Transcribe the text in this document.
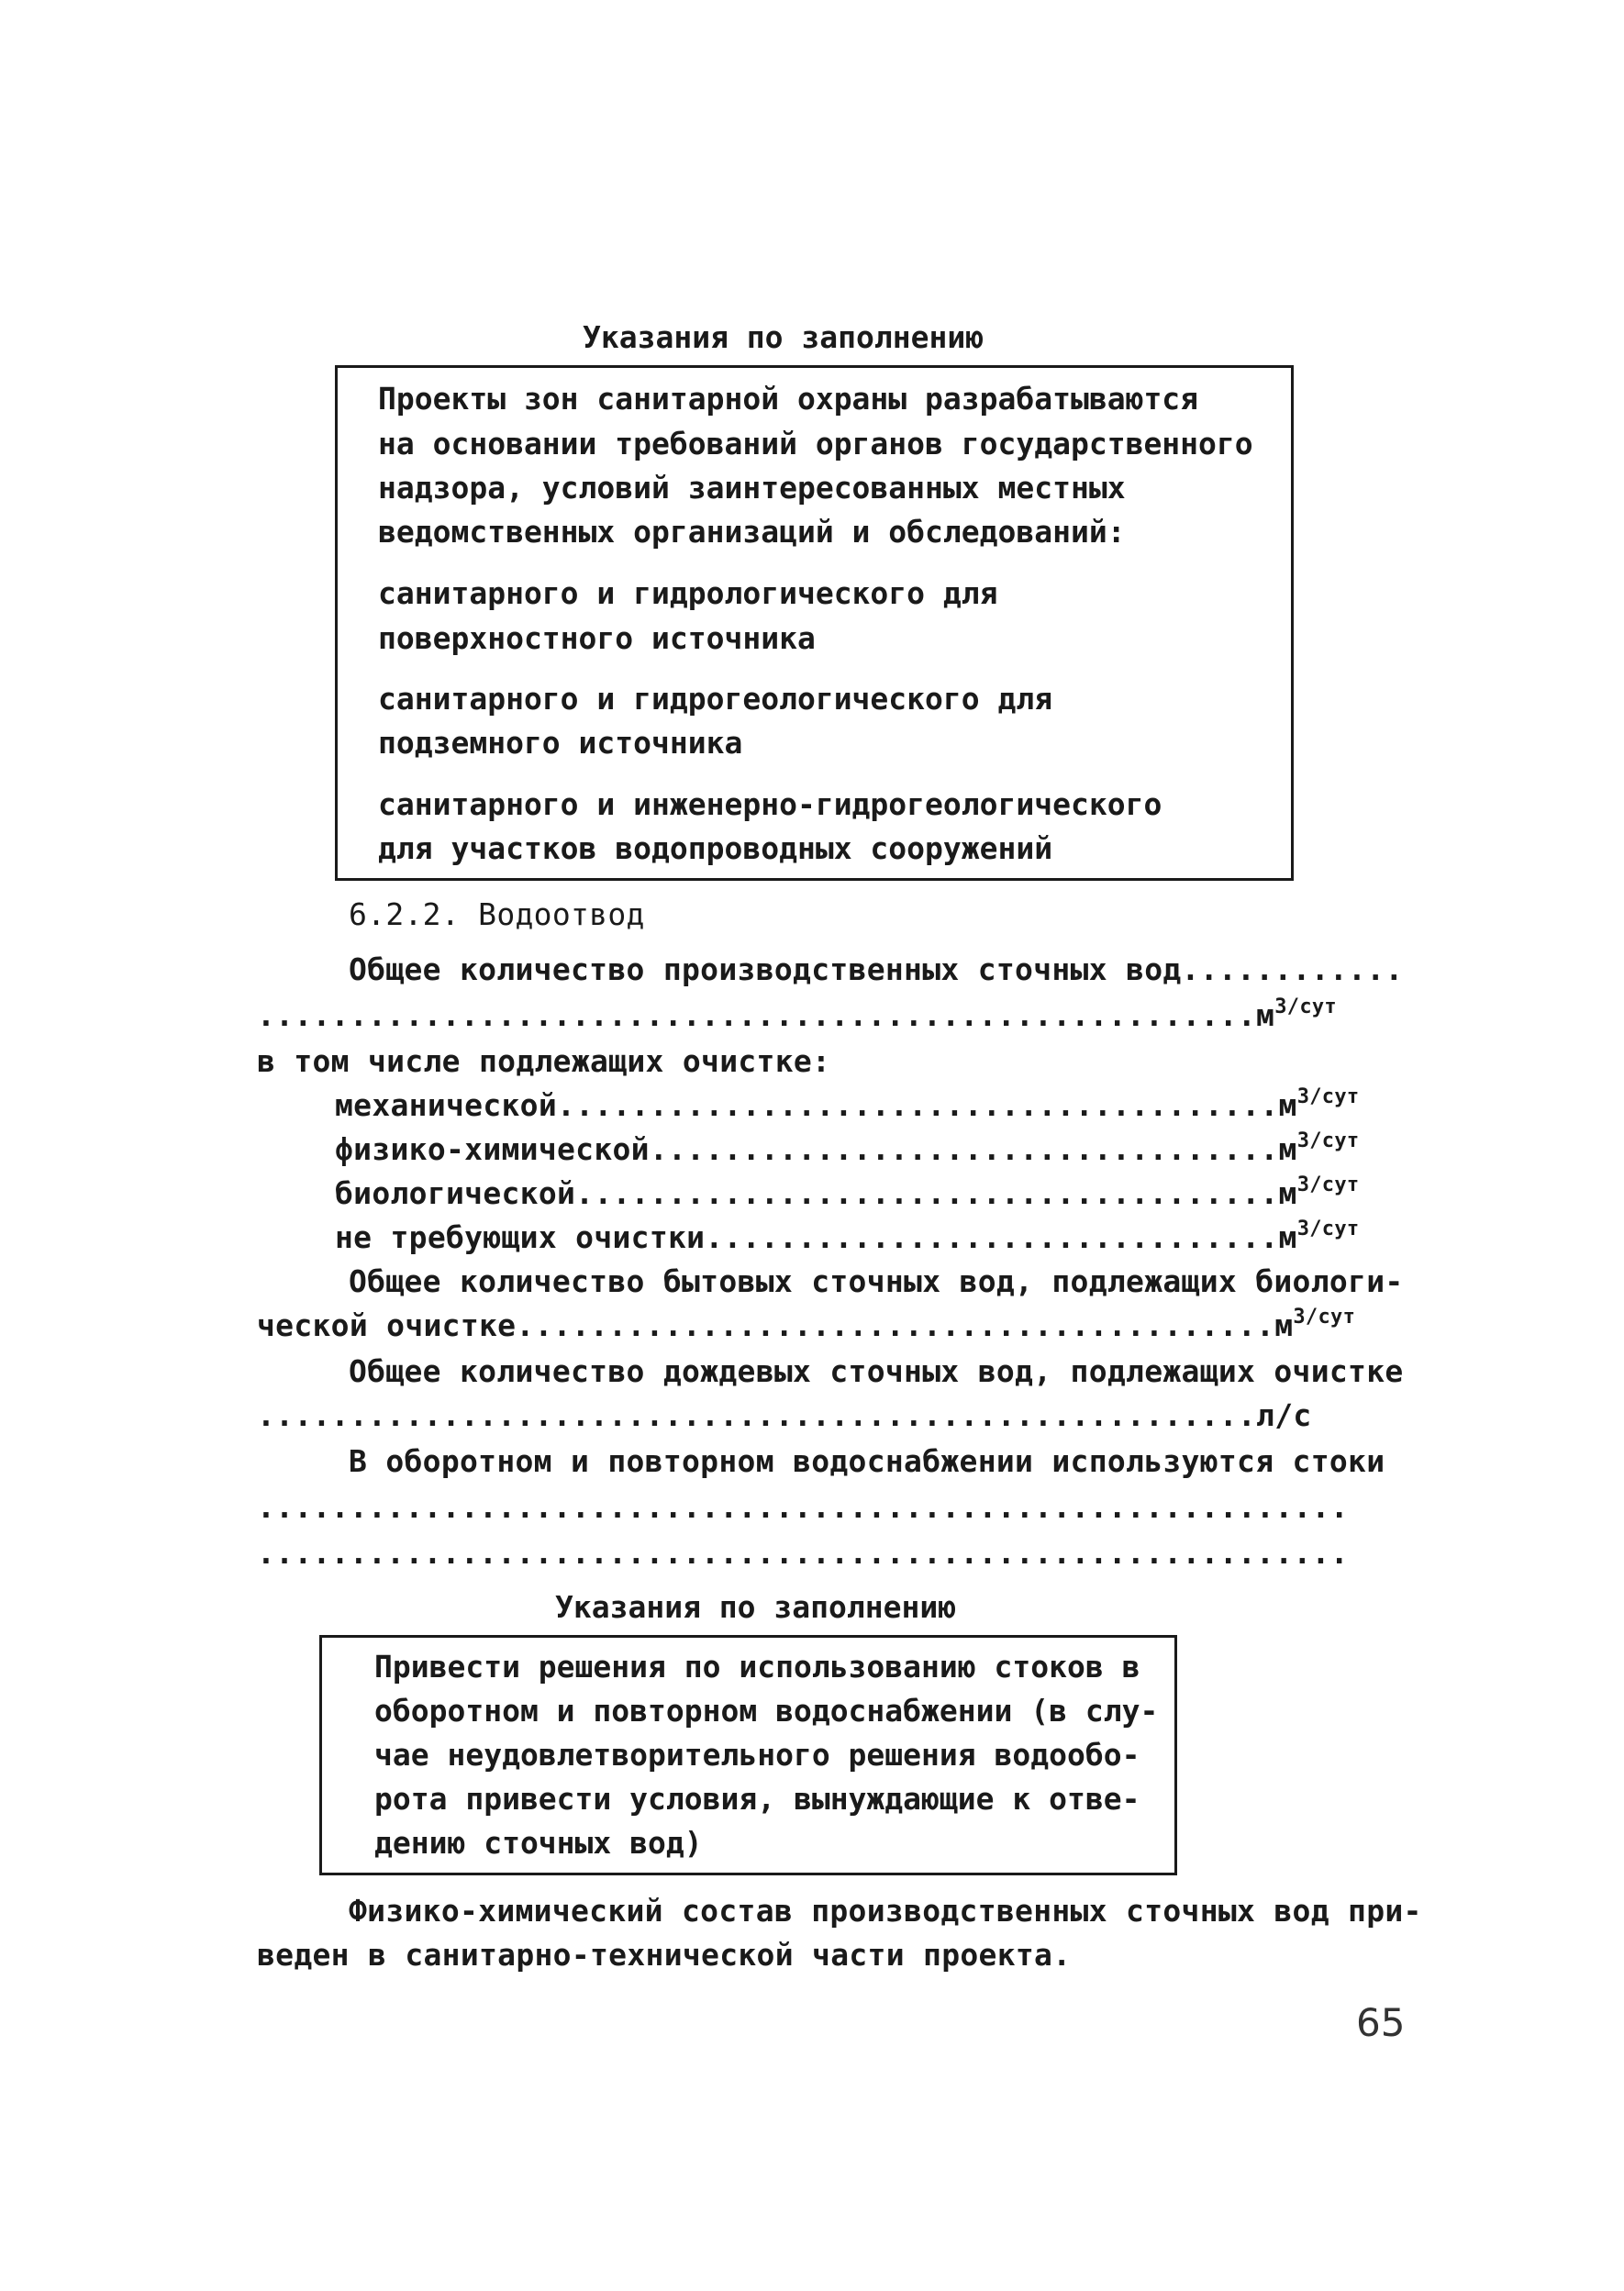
Указания по заполнению
Проекты зон санитарной охраны разрабатываются
на основании требований органов государственного
надзора, условий заинтересованных местных
ведомственных организаций и обследований:
санитарного и гидрологического для
поверхностного источника
санитарного и гидрогеологического для
подземного источника
санитарного и инженерно-гидрогеологического
для участков водопроводных сооружений
6.2.2. Водоотвод
Общее количество производственных сточных вод............
$......................................................м^{3/сут}$
в том числе подлежащих очистке:
$механической.......................................м^{3/сут}$
физико-$химической..................................м^{3/сут}$
$биологической......................................м^{3/сут}$
не требующих $очистки...............................м^{3/сут}$
Общее количество бытовых сточных вод, подлежащих биологи-
ческой $очистке.........................................м^{3/сут}$
Общее количество дождевых сточных вод, подлежащих очистке
......................................................л/с
В оборотном и повторном водоснабжении используются стоки
...........................................................
...........................................................
Указания по заполнению
Привести решения по использованию стоков в
оборотном и повторном водоснабжении (в слу-
чае неудовлетворительного решения водообо-
рота привести условия, вынуждающие к отве-
дению сточных вод)
Физико-химический состав производственных сточных вод при-
веден в санитарно-технической части проекта.
65
